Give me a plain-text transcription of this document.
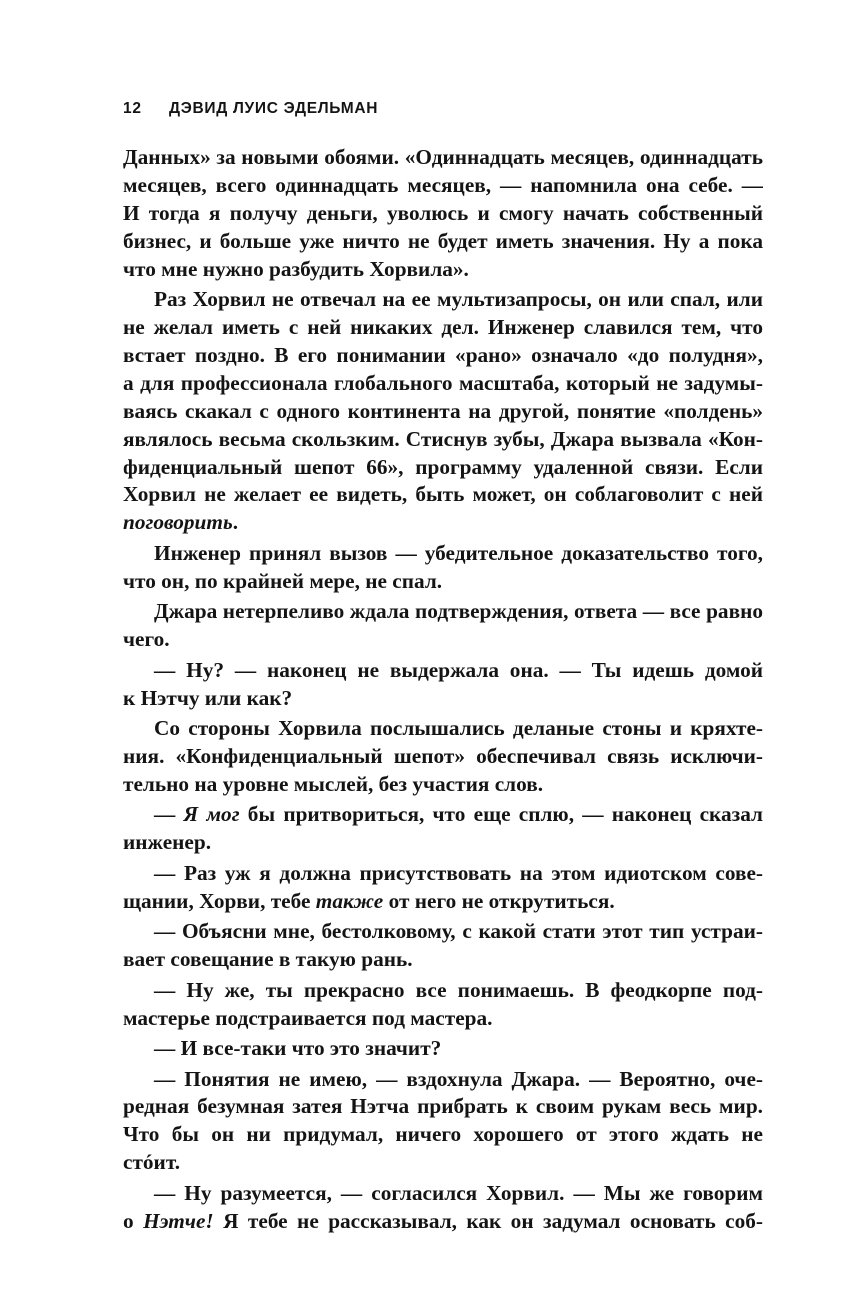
12 ДЭВИД ЛУИС ЭДЕЛЬМАН
Данных» за новыми обоями. «Одиннадцать месяцев, одиннадцать
месяцев, всего одиннадцать месяцев, — напомнила она себе. —
И тогда я получу деньги, уволюсь и смогу начать собственный
бизнес, и больше уже ничто не будет иметь значения. Ну а пока
что мне нужно разбудить Хорвила».
Раз Хорвил не отвечал на ее мультизапросы, он или спал, или
не желал иметь с ней никаких дел. Инженер славился тем, что
встает поздно. В его понимании «рано» означало «до полудня»,
а для профессионала глобального масштаба, который не задумы-
ваясь скакал с одного континента на другой, понятие «полдень»
являлось весьма скользким. Стиснув зубы, Джара вызвала «Кон-
фиденциальный шепот 66», программу удаленной связи. Если
Хорвил не желает ее видеть, быть может, он соблаговолит с ней
поговорить.
Инженер принял вызов — убедительное доказательство того,
что он, по крайней мере, не спал.
Джара нетерпеливо ждала подтверждения, ответа — все равно
чего.
— Ну? — наконец не выдержала она. — Ты идешь домой
к Нэтчу или как?
Со стороны Хорвила послышались деланые стоны и кряхте-
ния. «Конфиденциальный шепот» обеспечивал связь исключи-
тельно на уровне мыслей, без участия слов.
— Я мог бы притвориться, что еще сплю, — наконец сказал
инженер.
— Раз уж я должна присутствовать на этом идиотском сове-
щании, Хорви, тебе также от него не открутиться.
— Объясни мне, бестолковому, с какой стати этот тип устраи-
вает совещание в такую рань.
— Ну же, ты прекрасно все понимаешь. В феодкорпе под-
мастерье подстраивается под мастера.
— И все-таки что это значит?
— Понятия не имею, — вздохнула Джара. — Вероятно, оче-
редная безумная затея Нэтча прибрать к своим рукам весь мир.
Что бы он ни придумал, ничего хорошего от этого ждать не
стóит.
— Ну разумеется, — согласился Хорвил. — Мы же говорим
о Нэтче! Я тебе не рассказывал, как он задумал основать соб-
